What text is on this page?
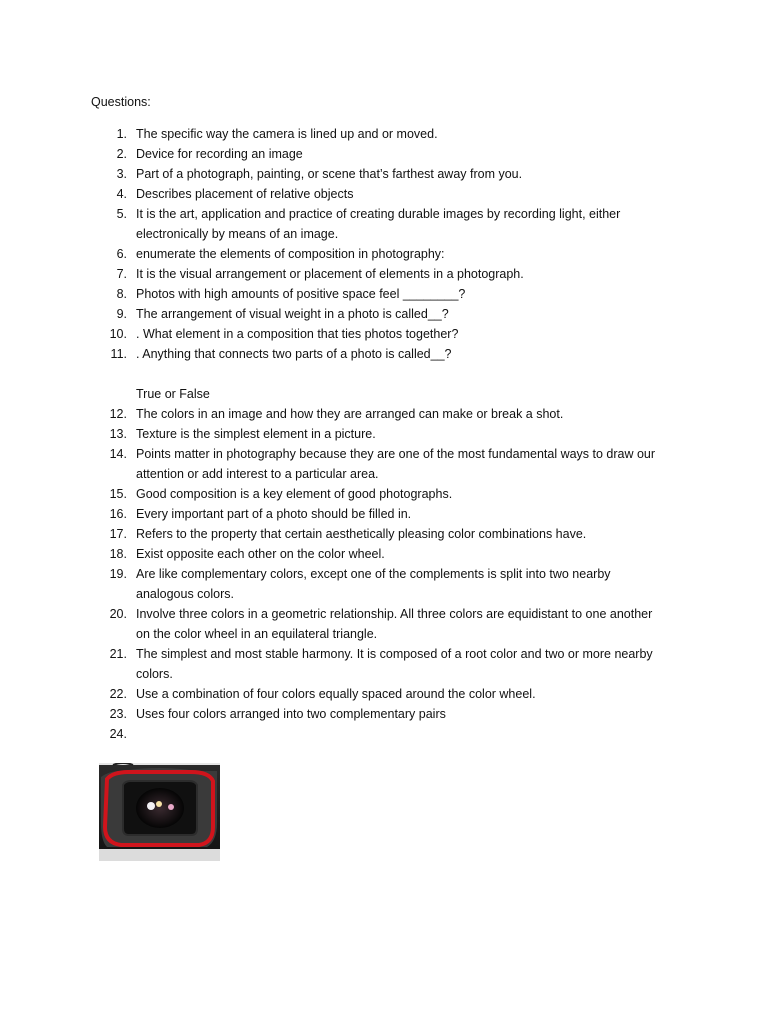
Questions:
1. The specific way the camera is lined up and or moved.
2. Device for recording an image
3. Part of a photograph, painting, or scene that’s farthest away from you.
4. Describes placement of relative objects
5. It is the art, application and practice of creating durable images by recording light, either
electronically by means of an image.
6. enumerate the elements of composition in photography:
7. It is the visual arrangement or placement of elements in a photograph.
8. Photos with high amounts of positive space feel ________?
9. The arrangement of visual weight in a photo is called__?
10. . What element in a composition that ties photos together?
11. . Anything that connects two parts of a photo is called__?
True or False
12. The colors in an image and how they are arranged can make or break a shot.
13. Texture is the simplest element in a picture.
14. Points matter in photography because they are one of the most fundamental ways to draw our
attention or add interest to a particular area.
15. Good composition is a key element of good photographs.
16. Every important part of a photo should be filled in.
17. Refers to the property that certain aesthetically pleasing color combinations have.
18. Exist opposite each other on the color wheel.
19. Are like complementary colors, except one of the complements is split into two nearby
analogous colors.
20. Involve three colors in a geometric relationship. All three colors are equidistant to one another
on the color wheel in an equilateral triangle.
21. The simplest and most stable harmony. It is composed of a root color and two or more nearby
colors.
22. Use a combination of four colors equally spaced around the color wheel.
23. Uses four colors arranged into two complementary pairs
24.
